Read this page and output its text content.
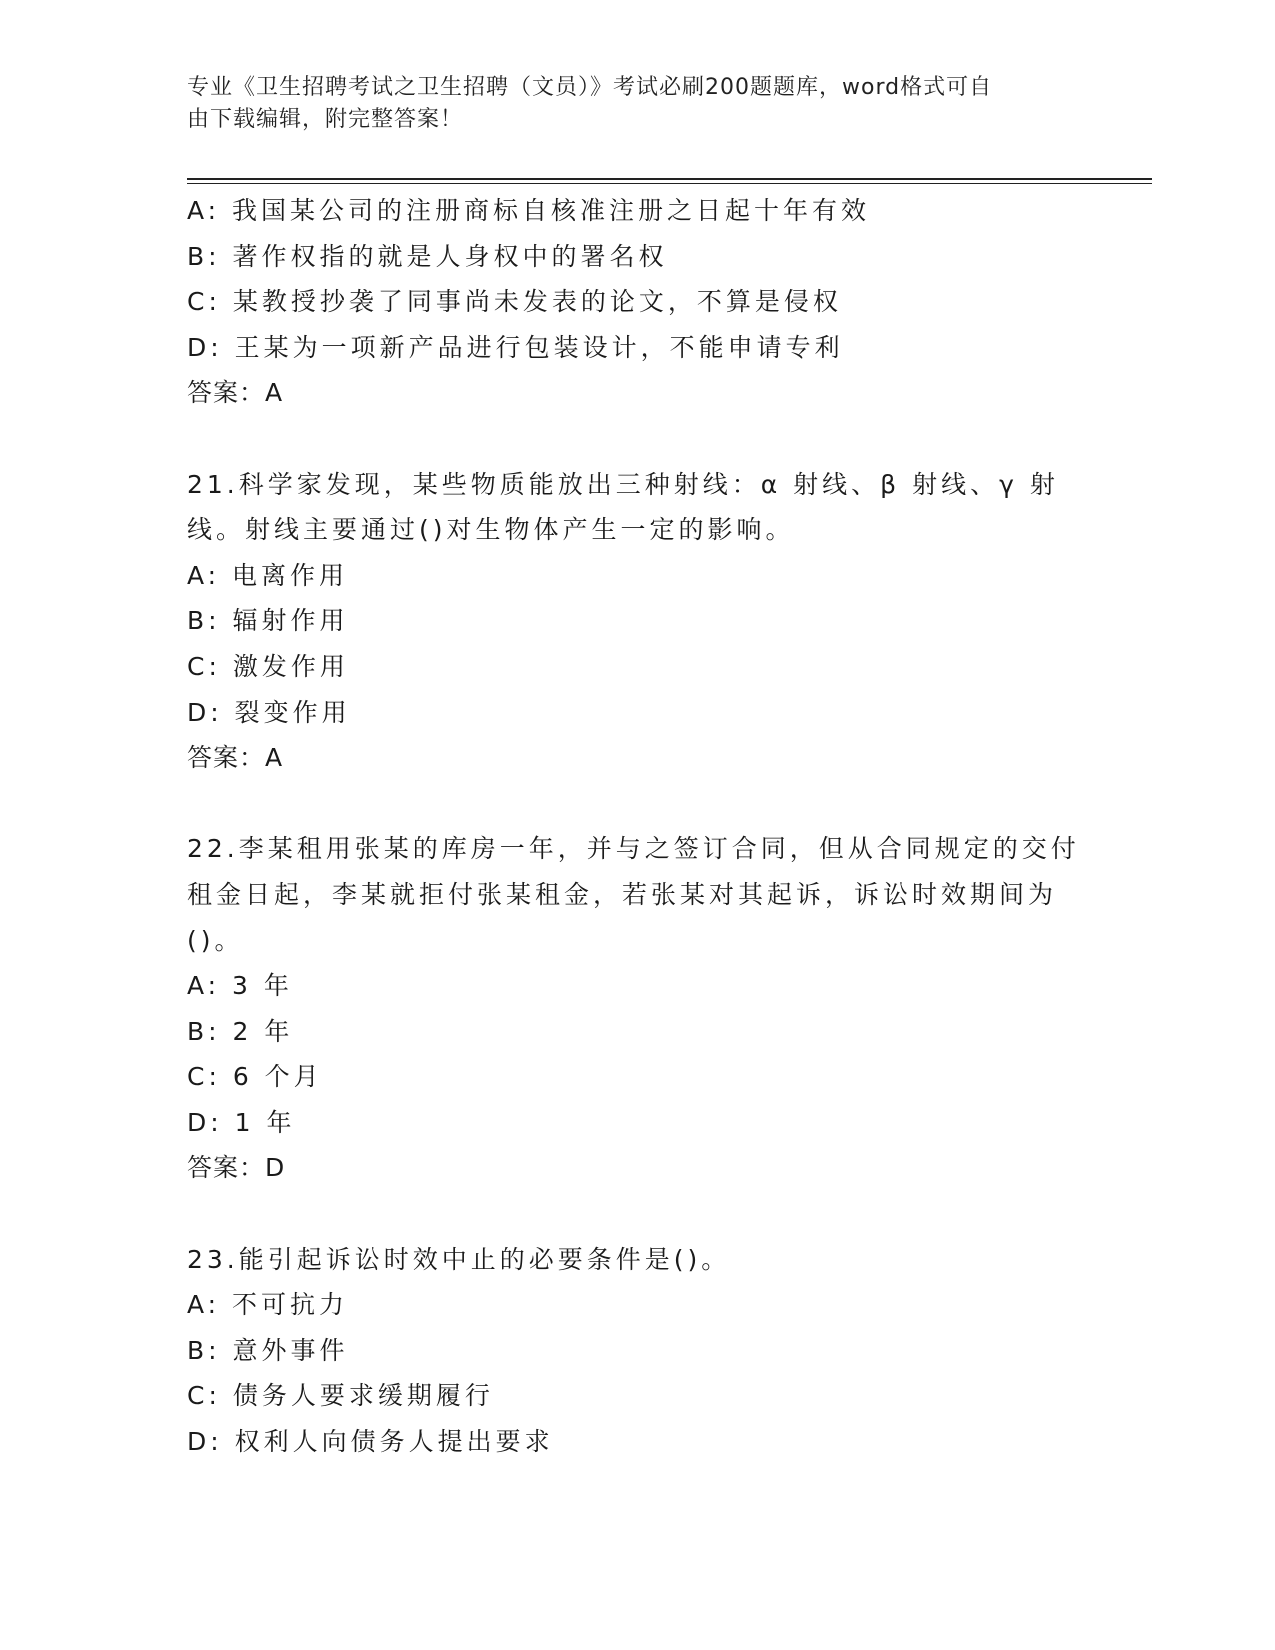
专业《卫生招聘考试之卫生招聘（文员）》考试必刷200题题库，word格式可自
由下载编辑，附完整答案！
A: 我国某公司的注册商标自核准注册之日起十年有效
B: 著作权指的就是人身权中的署名权
C: 某教授抄袭了同事尚未发表的论文，不算是侵权
D: 王某为一项新产品进行包装设计，不能申请专利
答案：A
21.科学家发现，某些物质能放出三种射线：α 射线、β 射线、γ 射
线。射线主要通过()对生物体产生一定的影响。
A: 电离作用
B: 辐射作用
C: 激发作用
D: 裂变作用
答案：A
22.李某租用张某的库房一年，并与之签订合同，但从合同规定的交付
租金日起，李某就拒付张某租金，若张某对其起诉，诉讼时效期间为
()。
A: 3 年
B: 2 年
C: 6 个月
D: 1 年
答案：D
23.能引起诉讼时效中止的必要条件是()。
A: 不可抗力
B: 意外事件
C: 债务人要求缓期履行
D: 权利人向债务人提出要求
